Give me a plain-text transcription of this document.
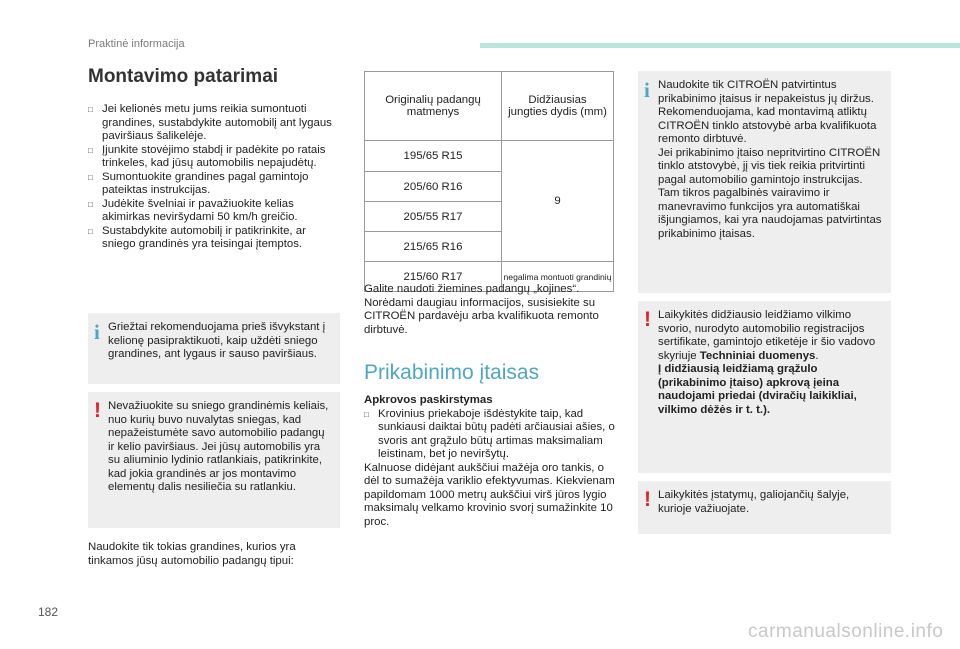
Praktinė informacija
Montavimo patarimai
□ Jei kelionės metu jums reikia sumontuoti grandines, sustabdykite automobilį ant lygaus paviršiaus šalikelėje.
□ Įjunkite stovėjimo stabdį ir padėkite po ratais trinkeles, kad jūsų automobilis nepajudėtų.
□ Sumontuokite grandines pagal gamintojo pateiktas instrukcijas.
□ Judėkite švelniai ir pavažiuokite kelias akimirkas neviršydami 50 km/h greičio.
□ Sustabdykite automobilį ir patikrinkite, ar sniego grandinės yra teisingai įtemptos.
i Griežtai rekomenduojama prieš išvykstant į kelionę pasipraktikuoti, kaip uždėti sniego grandines, ant lygaus ir sauso paviršiaus.
! Nevažiuokite su sniego grandinėmis keliais, nuo kurių buvo nuvalytas sniegas, kad nepažeistumėte savo automobilio padangų ir kelio paviršiaus. Jei jūsų automobilis yra su aliuminio lydinio ratlankiais, patikrinkite, kad jokia grandinės ar jos montavimo elementų dalis nesiliečia su ratlankiu.
Naudokite tik tokias grandines, kurios yra tinkamos jūsų automobilio padangų tipui:
Originalių padangų matmenys	Didžiausias jungties dydis (mm)
195/65 R15	9
205/60 R16	
205/55 R17	
215/65 R16	
215/60 R17	negalima montuoti grandinių
Galite naudoti žiemines padangų „kojines“. Norėdami daugiau informacijos, susisiekite su CITROËN pardavėju arba kvalifikuota remonto dirbtuvė.
Prikabinimo įtaisas
Apkrovos paskirstymas
□ Krovinius priekaboje išdėstykite taip, kad sunkiausi daiktai būtų padėti arčiausiai ašies, o svoris ant grąžulo būtų artimas maksimaliam leistinam, bet jo neviršytų.
Kalnuose didėjant aukščiui mažėja oro tankis, o dėl to sumažėja variklio efektyvumas. Kiekvienam papildomam 1000 metrų aukščiui virš jūros lygio maksimalų velkamo krovinio svorį sumažinkite 10 proc.
i Naudokite tik CITROËN patvirtintus prikabinimo įtaisus ir nepakeistus jų diržus. Rekomenduojama, kad montavimą atliktų CITROËN tinklo atstovybė arba kvalifikuota remonto dirbtuvė.
Jei prikabinimo įtaiso nepritvirtino CITROËN tinklo atstovybė, jį vis tiek reikia pritvirtinti pagal automobilio gamintojo instrukcijas.
Tam tikros pagalbinės vairavimo ir manevravimo funkcijos yra automatiškai išjungiamos, kai yra naudojamas patvirtintas prikabinimo įtaisas.
! Laikykitės didžiausio leidžiamo vilkimo svorio, nurodyto automobilio registracijos sertifikate, gamintojo etiketėje ir šio vadovo skyriuje Techniniai duomenys.
Į didžiausią leidžiamą grąžulo (prikabinimo įtaiso) apkrovą įeina naudojami priedai (dviračių laikikliai, vilkimo dėžės ir t. t.).
! Laikykitės įstatymų, galiojančių šalyje, kurioje važiuojate.
182
carmanualsonline.info
